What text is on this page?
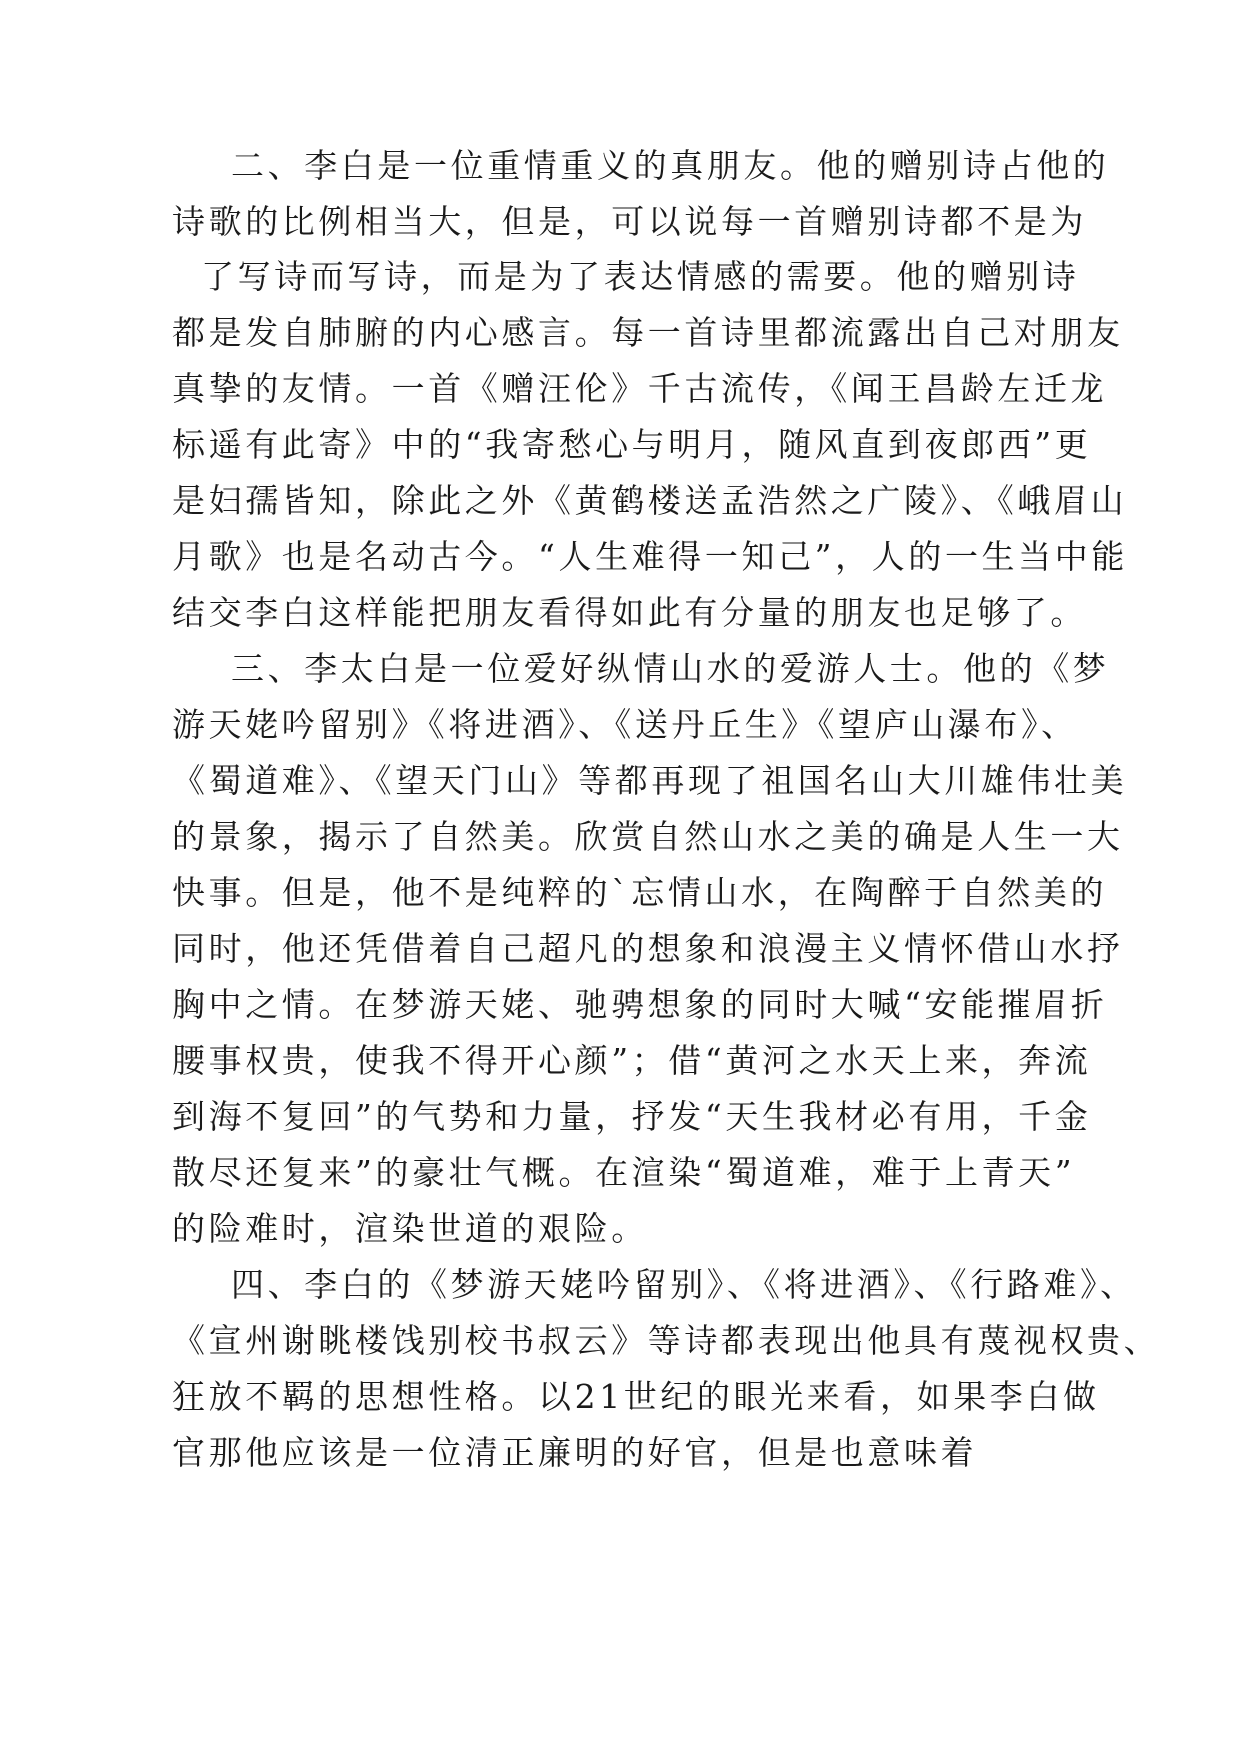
二、李白是一位重情重义的真朋友。他的赠别诗占他的
诗歌的比例相当大，但是，可以说每一首赠别诗都不是为
了写诗而写诗，而是为了表达情感的需要。他的赠别诗
都是发自肺腑的内心感言。每一首诗里都流露出自己对朋友
真挚的友情。一首《赠汪伦》千古流传，《闻王昌龄左迁龙
标遥有此寄》中的“我寄愁心与明月，随风直到夜郎西”更
是妇孺皆知，除此之外《黄鹤楼送孟浩然之广陵》、《峨眉山
月歌》也是名动古今。“人生难得一知己”，人的一生当中能
结交李白这样能把朋友看得如此有分量的朋友也足够了。
三、李太白是一位爱好纵情山水的爱游人士。他的《梦
游天姥吟留别》《将进酒》、《送丹丘生》《望庐山瀑布》、
《蜀道难》、《望天门山》等都再现了祖国名山大川雄伟壮美
的景象，揭示了自然美。欣赏自然山水之美的确是人生一大
快事。但是，他不是纯粹的`忘情山水，在陶醉于自然美的
同时，他还凭借着自己超凡的想象和浪漫主义情怀借山水抒
胸中之情。在梦游天姥、驰骋想象的同时大喊“安能摧眉折
腰事权贵，使我不得开心颜”；借“黄河之水天上来，奔流
到海不复回”的气势和力量，抒发“天生我材必有用，千金
散尽还复来”的豪壮气概。在渲染“蜀道难，难于上青天”
的险难时，渲染世道的艰险。
四、李白的《梦游天姥吟留别》、《将进酒》、《行路难》、
《宣州谢眺楼饯别校书叔云》等诗都表现出他具有蔑视权贵、
狂放不羁的思想性格。以21世纪的眼光来看，如果李白做
官那他应该是一位清正廉明的好官，但是也意味着
